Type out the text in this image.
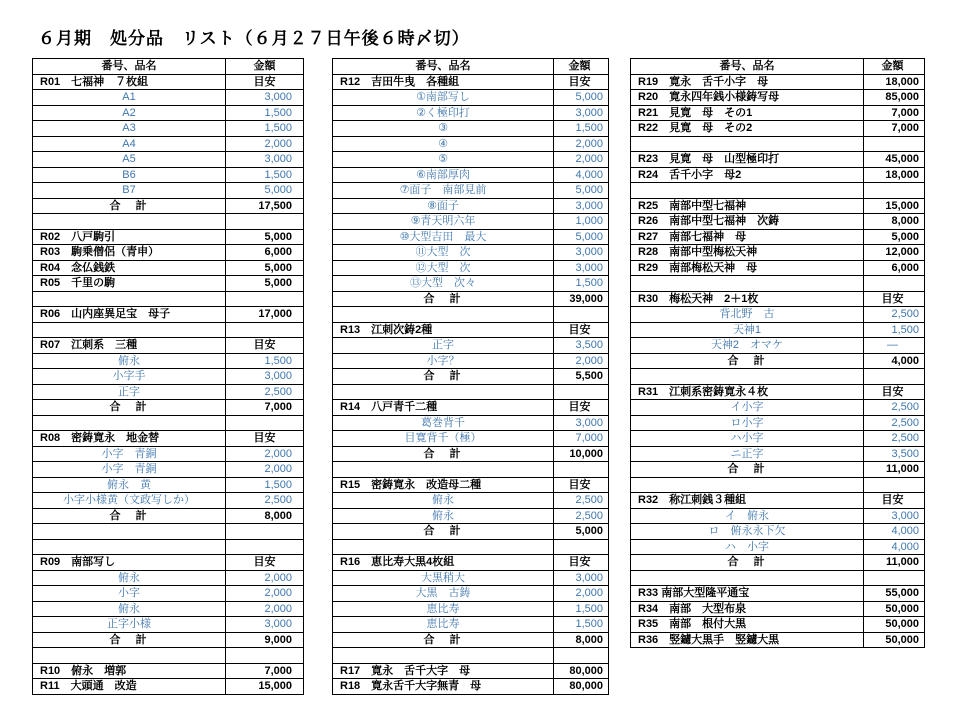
６月期　処分品　リスト（６月２７日午後６時〆切）
番号、品名	金額
R01　七福神　７枚組	目安
A1	3,000
A2	1,500
A3	1,500
A4	2,000
A5	3,000
B6	1,500
B7	5,000
合　計	17,500

R02　八戸駒引	5,000
R03　駒乗僧侶（青申）	6,000
R04　念仏銭鉄	5,000
R05　千里の駒	5,000

R06　山内座異足宝　母子	17,000

R07　江刺系　三種	目安
俯永	1,500
小字手	3,000
正字	2,500
合　計	7,000

R08　密鋳寛永　地金替	目安
小字　青銅	2,000
小字　青銅	2,000
俯永　黄	1,500
小字小様黄（文政写しか）	2,500
合　計	8,000

R09　南部写し	目安
俯永	2,000
小字	2,000
俯永	2,000
正字小様	3,000
合　計	9,000

R10　俯永　増郭	7,000
R11　大頭通　改造	15,000
番号、品名	金額
R12　吉田牛曳　各種組	目安
①南部写し	5,000
②く極印打	3,000
③	1,500
④	2,000
⑤	2,000
⑥南部厚肉	4,000
⑦面子　南部見前	5,000
⑧面子	3,000
⑨青天明六年	1,000
⑩大型吉田　最大	5,000
⑪大型　次	3,000
⑫大型　次	3,000
⑬大型　次々	1,500
合　計	39,000

R13　江刺次鋳2種	目安
正字	3,500
小字？	2,000
合　計	5,500

R14　八戸青千二種	目安
葛巻背千	3,000
目寛背千（極）	7,000
合　計	10,000

R15　密鋳寛永　改造母二種	目安
俯永	2,500
俯永	2,500
合　計	5,000

R16　恵比寿大黒4枚組	目安
大黒稍大	3,000
大黒　古鋳	2,000
恵比寿	1,500
恵比寿	1,500
合　計	8,000

R17　寛永　舌千大字　母	80,000
R18　寛永舌千大字無青　母	80,000
番号、品名	金額
R19　寛永　舌千小字　母	18,000
R20　寛永四年銭小様鋳写母	85,000
R21　見寛　母　その1	7,000
R22　見寛　母　その2	7,000

R23　見寛　母　山型極印打	45,000
R24　舌千小字　母2	18,000

R25　南部中型七福神	15,000
R26　南部中型七福神　次鋳	8,000
R27　南部七福神　母	5,000
R28　南部中型梅松天神	12,000
R29　南部梅松天神　母	6,000

R30　梅松天神　2＋1枚	目安
背北野　古	2,500
天神1	1,500
天神2　オマケ	―
合　計	4,000

R31　江刺系密鋳寛永４枚	目安
イ小字	2,500
ロ小字	2,500
ハ小字	2,500
ニ正字	3,500
合　計	11,000

R32　称江刺銭３種組	目安
イ　俯永	3,000
ロ　俯永永下欠	4,000
ハ　小字	4,000
合　計	11,000

R33 南部大型隆平通宝	55,000
R34　南部　大型布泉	50,000
R35　南部　根付大黒	50,000
R36　竪鑢大黒手　竪鑢大黒	50,000
